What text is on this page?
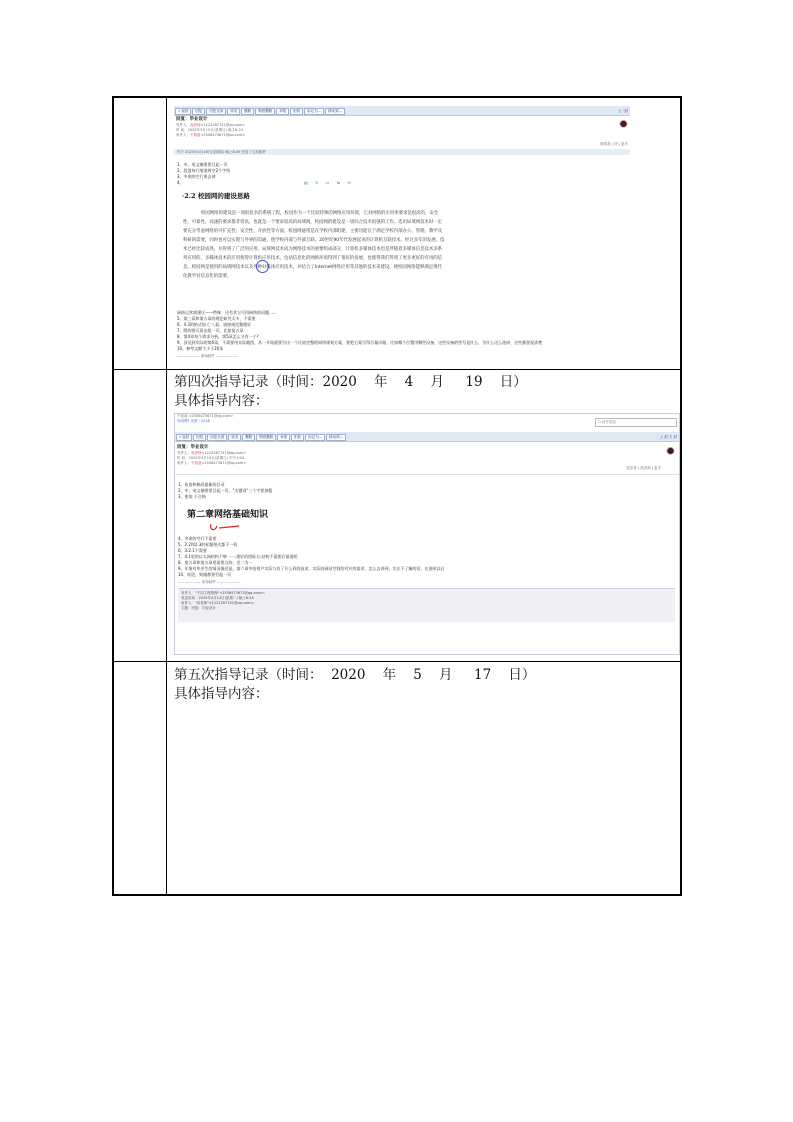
« 返回 回复 回复全部 转发 删除 彻底删除 举报 拒收 标记为... 移动到...	上一封
回复：毕业设计
发件人：高老师<1222267741@qq.com>
时 间：2020年3月15日(星期日) 晚上8:24
收件人：不知道<2558473671@qq.com>
联系我 | 伊 | 更多
你于 2020年4月16日(星期四) 晚上8:49 回复了这封邮件
1、中、英文摘要要目起一页
2、段落每行缩进两空2个字符
3、多余的空行要去掉
4、	▤ ✕ ▭ ⇆ ⟲
·2.2 校园网的建设思路
校园网络的建设是一项很复杂的系统工程，校园作为一个比较特殊的网络应用环境，它对网络的实用率要求是很高的，安全性、可靠性、高速的要求都非常高，也就是一个要求较高的局域网，校园网的建设是一项综合技术很强的工作。选用局域网技术时一定要充分考虑网络的可扩充性、安全性、开放性等方面，校园网通常是在学校内部组建，主要功能在于满足学校内部办公、管理、教学及科研的需要，同时也可以实现与外界的沟通，使学校内部与外部互联。20世纪90年代发展起来的计算机互联技术，经过多年的发展，技术已经比较成熟，并得到了广泛的应用。局域网技术成为网络技术的重要组成部分，计算机多媒体技术也是伴随着多媒体信息技术多系列应用的，多媒体技术的应用使得计算机应用技术，包括信息化的网络环境得到了很好的发展，也使得我们得到了更多更好的有用的信息。校园网是使用的局域网技术以及各种对媒体应用技术，并结合了Internet网络应用等其他的技术来建设，使校园网络能够满足现代化教学对信息化的需要。
网络运营商建议——特殊：还有其它可用网络的问题......
5、第三章和第五章的理论研究太多，不需要
6、4.3的格式如 仁八看，请按规范整理好
7、附的图可看出组一页，比如第五章
8、第4章每个需求分析，第5章怎么又有一个?
9、涉及到实际的第6章，不需要用实际截图，从一开始就要写出一个比较完整的网络规划方案，要把方案写得尽量详细，比如哪个位置用哪些设备，这些设备的型号是什么，为什么这么选择，这些都要说清楚
10、参考文献不少于20条
------------------ 原始邮件 ------------------
第四次指导记录（时间：2020    年    4    月     19    日）
具体指导内容：
不知道 <2558473671@qq.com>
好明嘿? 出图 : 2018	Q 邮件搜索
« 返回 回复 回复全部 转发 删除 彻底删除 举报 拒收 标记为... 移动到...	上 封 下 封
回复：毕业设计
发件人：高老师<1222267741@qq.com>
时 间：2020年4月19日(星期日) 中午1:04
收件人：不知道<2558473671@qq.com>
发信者 | 高老师 | 更多
1、检查和修改最新的目录
2、中、英文摘要要目起一页，"关键词"三个字要加粗
3、要加 不合格
第二章网络基础知识
4、多余的空行不需要
5、2.2和2.3的标题格式都不一致
6、3.2.1不需要
7、4.1里的以太网结构不够一一,建好的图标方,结构不需要后面说明
8、第五章和第五章里面要点的，会二为一
9、年鉴对毕业生的情况描述是，第六章中的用户实际与有了什么样的技术，实际的网站空间的对应的需求，怎么去讲到，实在不了解的话，在说明以后
10、结论、致谢都要另起一页
------------------ 原始邮件 ------------------
发件人："不同工程管理"<2558473671@qq.com>;
发送时间：2020年4月14日(星期二) 晚上8:45
收件人："高老师"<1222267741@qq.com>;
主题：回复：毕业设计
第五次指导记录（时间：  2020    年    5    月     17    日）
具体指导内容：
